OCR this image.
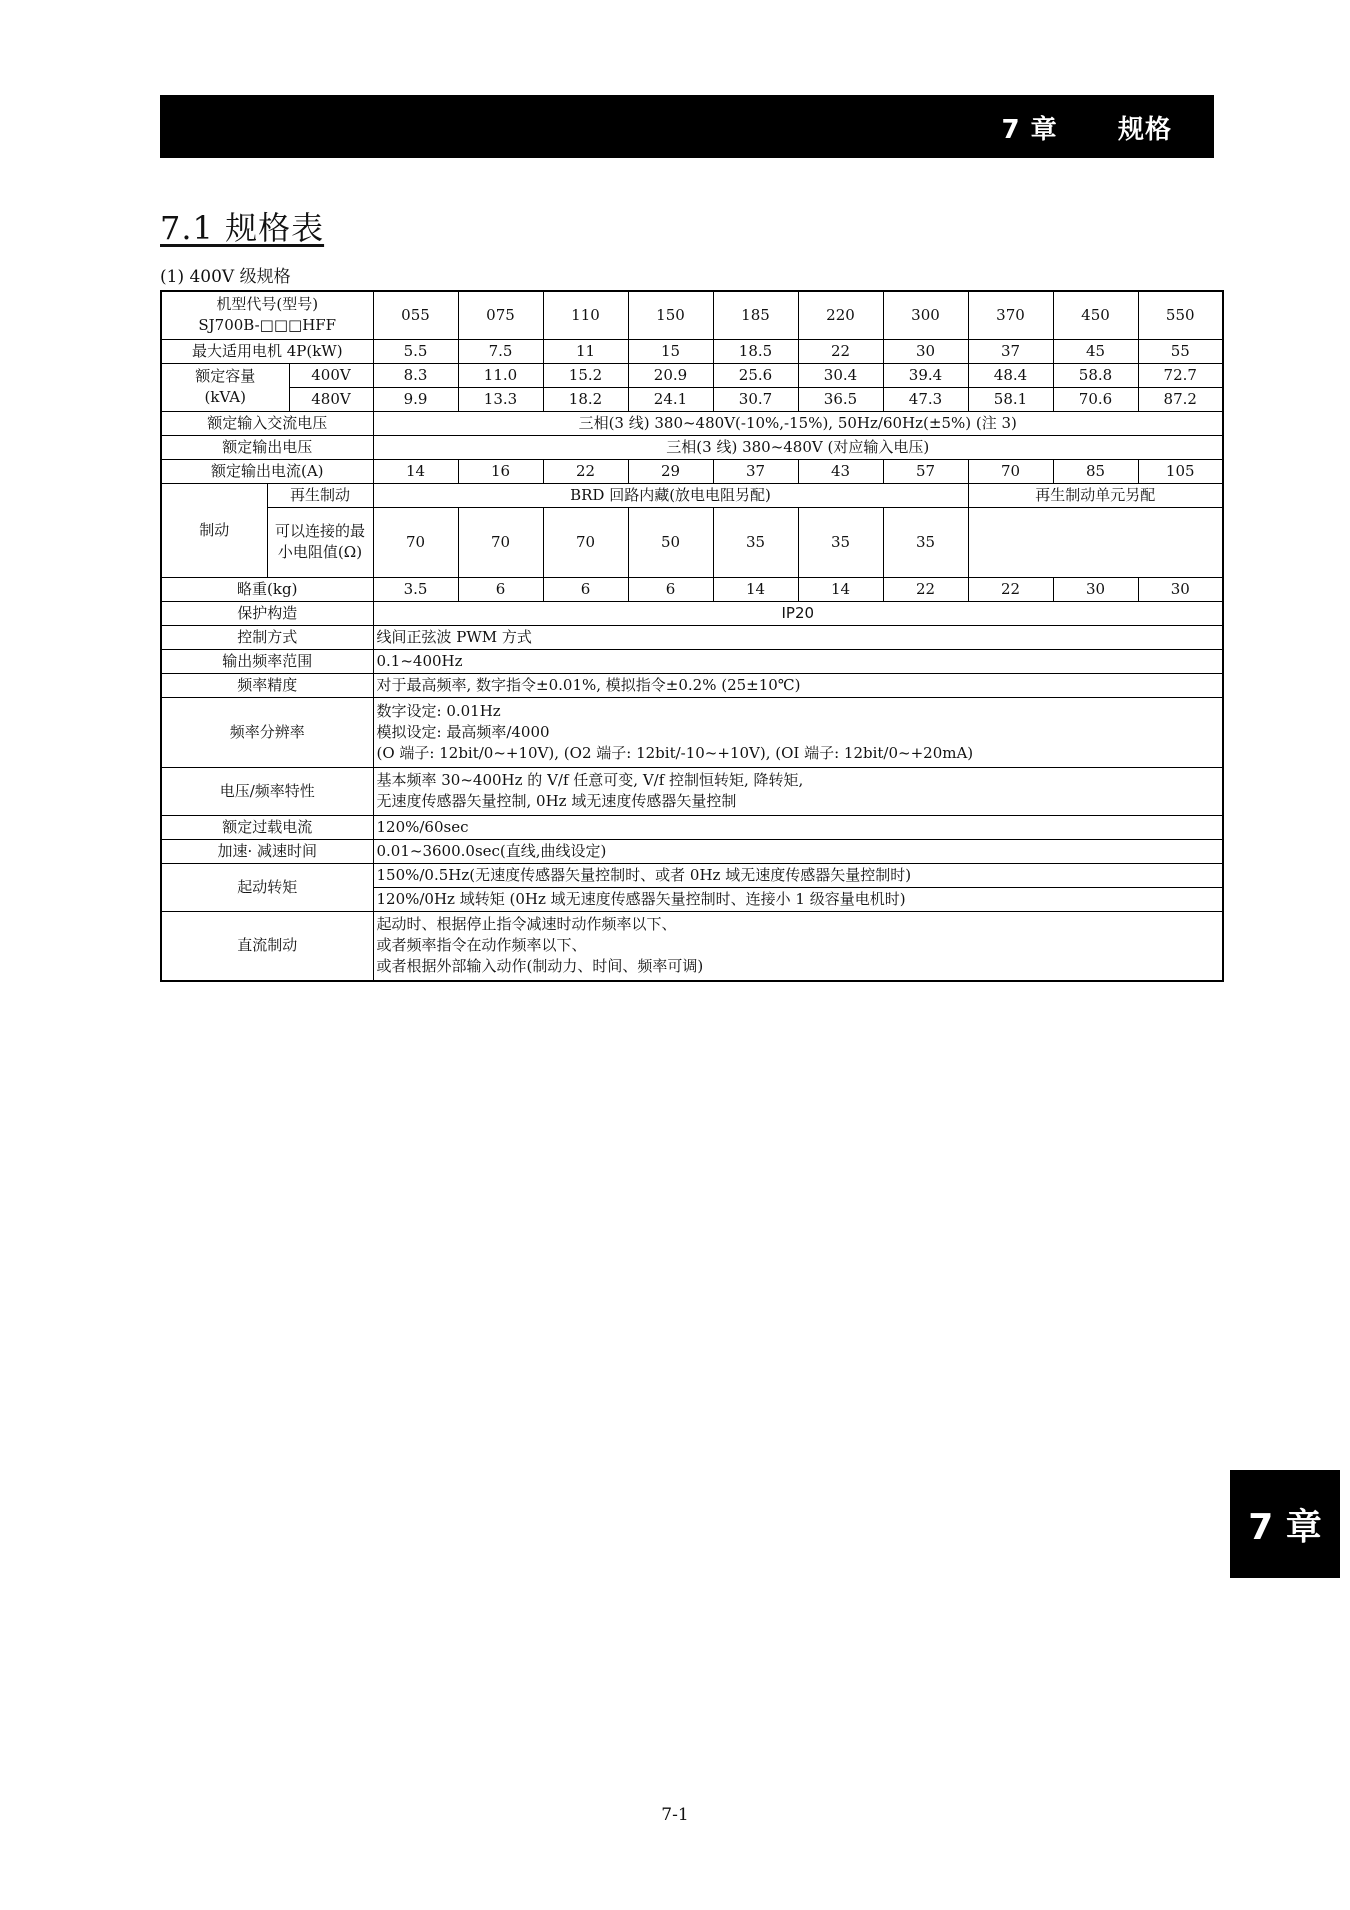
7 章      规格
7.1 规格表
(1) 400V 级规格
机型代号(型号)
SJ700B-□□□HFF			055	075	110	150	185	220	300	370	450	550
最大适用电机 4P(kW)			5.5	7.5	11	15	18.5	22	30	37	45	55

额定容量
(kVA)		400V	8.3	11.0	15.2	20.9	25.6	30.4	39.4	48.4	58.8	72.7
		480V	9.9	13.3	18.2	24.1	30.7	36.5	47.3	58.1	70.6	87.2
额定输入交流电压			三相(3 线) 380~480V(-10%,-15%), 50Hz/60Hz(±5%) (注 3)									
额定输出电压			三相(3 线) 380~480V (对应输入电压)									
额定输出电流(A)			14	16	22	29	37	43	57	70	85	105
制动	再生制动		BRD 回路内藏(放电电阻另配)							再生制动单元另配		
	可以连接的最小电阻值(Ω)		70	70	70	50	35	35	35			
略重(kg)			3.5	6	6	6	14	14	22	22	30	30
保护构造			IP20									
控制方式			线间正弦波 PWM 方式									
输出频率范围			0.1~400Hz									
频率精度			对于最高频率, 数字指令±0.01%, 模拟指令±0.2% (25±10℃)									
频率分辨率			数字设定: 0.01Hz
模拟设定: 最高频率/4000
(O 端子: 12bit/0~+10V), (O2 端子: 12bit/-10~+10V), (OI 端子: 12bit/0~+20mA)									

电压/频率特性			基本频率 30~400Hz 的 V/f 任意可变, V/f 控制恒转矩, 降转矩,
无速度传感器矢量控制, 0Hz 域无速度传感器矢量控制									

额定过载电流			120%/60sec									
加速· 减速时间			0.01~3600.0sec(直线,曲线设定)									
起动转矩			150%/0.5Hz(无速度传感器矢量控制时、或者 0Hz 域无速度传感器矢量控制时)									
			120%/0Hz 域转矩 (0Hz 域无速度传感器矢量控制时、连接小 1 级容量电机时)									
直流制动			起动时、根据停止指令减速时动作频率以下、
或者频率指令在动作频率以下、
或者根据外部输入动作(制动力、时间、频率可调)									
7 章
7-1
